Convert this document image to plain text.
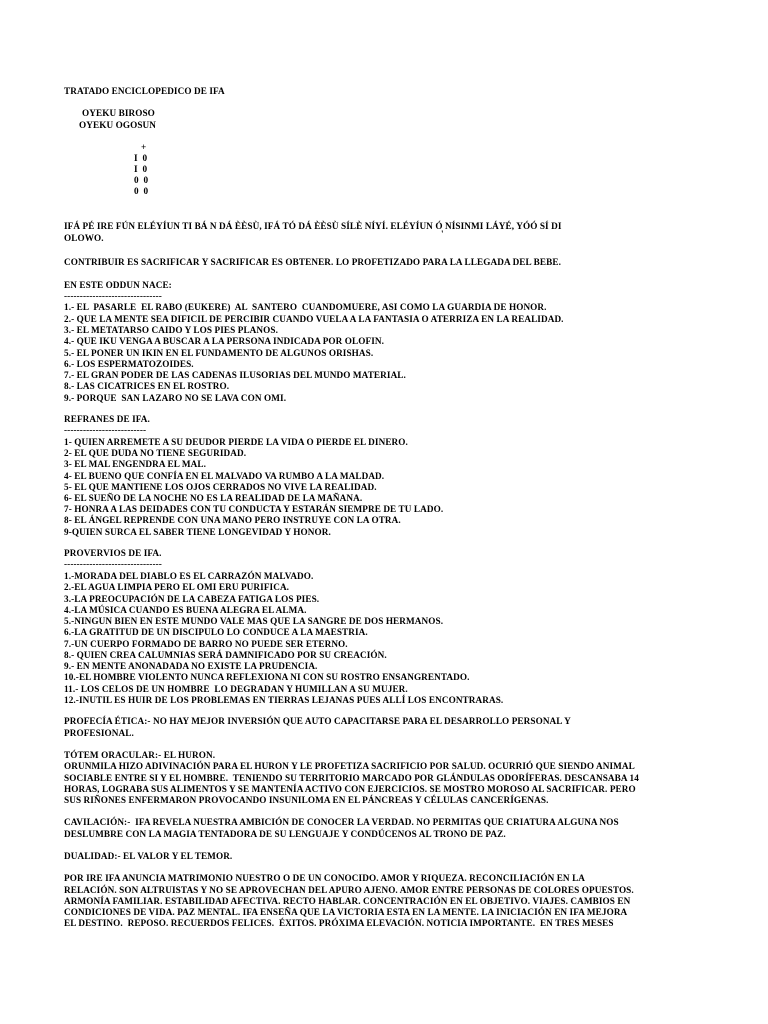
TRATADO ENCICLOPEDICO DE IFA

OYEKU BIROSO

OYEKU OGOSUN

+

I  0

I  0

0  0

0  0

IFÁ PÉ IRE FÚN ELÉYÍUN TI BÁ N DÁ ÈÈSÙ, IFÁ TÓ DÁ ÈÈSÙ SÍLÈ NÍYÍ. ELÉYÍUN Ó NÍSINMI LÁYÉ, YÓÓ SÍ DI

OLOWO.	'

CONTRIBUIR ES SACRIFICAR Y SACRIFICAR ES OBTENER. LO PROFETIZADO PARA LA LLEGADA DEL BEBE.

EN ESTE ODDUN NACE:

-------------------------------

1.- EL  PASARLE  EL RABO (EUKERE)  AL  SANTERO  CUANDOMUERE, ASI COMO LA GUARDIA DE HONOR.

2.- QUE LA MENTE SEA DIFICIL DE PERCIBIR CUANDO VUELA A LA FANTASIA O ATERRIZA EN LA REALIDAD.

3.- EL METATARSO CAIDO Y LOS PIES PLANOS.

4.- QUE IKU VENGA A BUSCAR A LA PERSONA INDICADA POR OLOFIN.

5.- EL PONER UN IKIN EN EL FUNDAMENTO DE ALGUNOS ORISHAS.

6.- LOS ESPERMATOZOIDES.

7.- EL GRAN PODER DE LAS CADENAS ILUSORIAS DEL MUNDO MATERIAL.

8.- LAS CICATRICES EN EL ROSTRO.

9.- PORQUE  SAN LAZARO NO SE LAVA CON OMI.

REFRANES DE IFA.

--------------------------

1- QUIEN ARREMETE A SU DEUDOR PIERDE LA VIDA O PIERDE EL DINERO.

2- EL QUE DUDA NO TIENE SEGURIDAD.

3- EL MAL ENGENDRA EL MAL.

4- EL BUENO QUE CONFÍA EN EL MALVADO VA RUMBO A LA MALDAD.

5- EL QUE MANTIENE LOS OJOS CERRADOS NO VIVE LA REALIDAD.

6- EL SUEÑO DE LA NOCHE NO ES LA REALIDAD DE LA MAÑANA.

7- HONRA A LAS DEIDADES CON TU CONDUCTA Y ESTARÁN SIEMPRE DE TU LADO.

8- EL ÁNGEL REPRENDE CON UNA MANO PERO INSTRUYE CON LA OTRA.

9-QUIEN SURCA EL SABER TIENE LONGEVIDAD Y HONOR.

PROVERVIOS DE IFA.

-------------------------------

1.-MORADA DEL DIABLO ES EL CARRAZÓN MALVADO.

2.-EL AGUA LIMPIA PERO EL OMI ERU PURIFICA.

3.-LA PREOCUPACIÓN DE LA CABEZA FATIGA LOS PIES.

4.-LA MÚSICA CUANDO ES BUENA ALEGRA EL ALMA.

5.-NINGUN BIEN EN ESTE MUNDO VALE MAS QUE LA SANGRE DE DOS HERMANOS.

6.-LA GRATITUD DE UN DISCIPULO LO CONDUCE A LA MAESTRIA.

7.-UN CUERPO FORMADO DE BARRO NO PUEDE SER ETERNO.

8.- QUIEN CREA CALUMNIAS SERÁ DAMNIFICADO POR SU CREACIÓN.

9.- EN MENTE ANONADADA NO EXISTE LA PRUDENCIA.

10.-EL HOMBRE VIOLENTO NUNCA REFLEXIONA NI CON SU ROSTRO ENSANGRENTADO.

11.- LOS CELOS DE UN HOMBRE  LO DEGRADAN Y HUMILLAN A SU MUJER.

12.-INUTIL ES HUIR DE LOS PROBLEMAS EN TIERRAS LEJANAS PUES ALLÍ LOS ENCONTRARAS.

PROFECÍA ÉTICA:- NO HAY MEJOR INVERSIÓN QUE AUTO CAPACITARSE PARA EL DESARROLLO PERSONAL Y

PROFESIONAL.

TÓTEM ORACULAR:- EL HURON.

ORUNMILA HIZO ADIVINACIÓN PARA EL HURON Y LE PROFETIZA SACRIFICIO POR SALUD. OCURRIÓ QUE SIENDO ANIMAL

SOCIABLE ENTRE SI Y EL HOMBRE.  TENIENDO SU TERRITORIO MARCADO POR GLÁNDULAS ODORÍFERAS. DESCANSABA 14

HORAS, LOGRABA SUS ALIMENTOS Y SE MANTENÍA ACTIVO CON EJERCICIOS. SE MOSTRO MOROSO AL SACRIFICAR. PERO

SUS RIÑONES ENFERMARON PROVOCANDO INSUNILOMA EN EL PÁNCREAS Y CÉLULAS CANCERÍGENAS.

CAVILACIÓN:-  IFA REVELA NUESTRA AMBICIÓN DE CONOCER LA VERDAD. NO PERMITAS QUE CRIATURA ALGUNA NOS

DESLUMBRE CON LA MAGIA TENTADORA DE SU LENGUAJE Y CONDÚCENOS AL TRONO DE PAZ.

DUALIDAD:- EL VALOR Y EL TEMOR.

POR IRE IFA ANUNCIA MATRIMONIO NUESTRO O DE UN CONOCIDO. AMOR Y RIQUEZA. RECONCILIACIÓN EN LA

RELACIÓN. SON ALTRUISTAS Y NO SE APROVECHAN DEL APURO AJENO. AMOR ENTRE PERSONAS DE COLORES OPUESTOS.

ARMONÍA FAMILIAR. ESTABILIDAD AFECTIVA. RECTO HABLAR. CONCENTRACIÓN EN EL OBJETIVO. VIAJES. CAMBIOS EN

CONDICIONES DE VIDA. PAZ MENTAL. IFA ENSEÑA QUE LA VICTORIA ESTA EN LA MENTE. LA INICIACIÓN EN IFA MEJORA

EL DESTINO.  REPOSO. RECUERDOS FELICES.  ÉXITOS. PRÓXIMA ELEVACIÓN. NOTICIA IMPORTANTE.  EN TRES MESES
